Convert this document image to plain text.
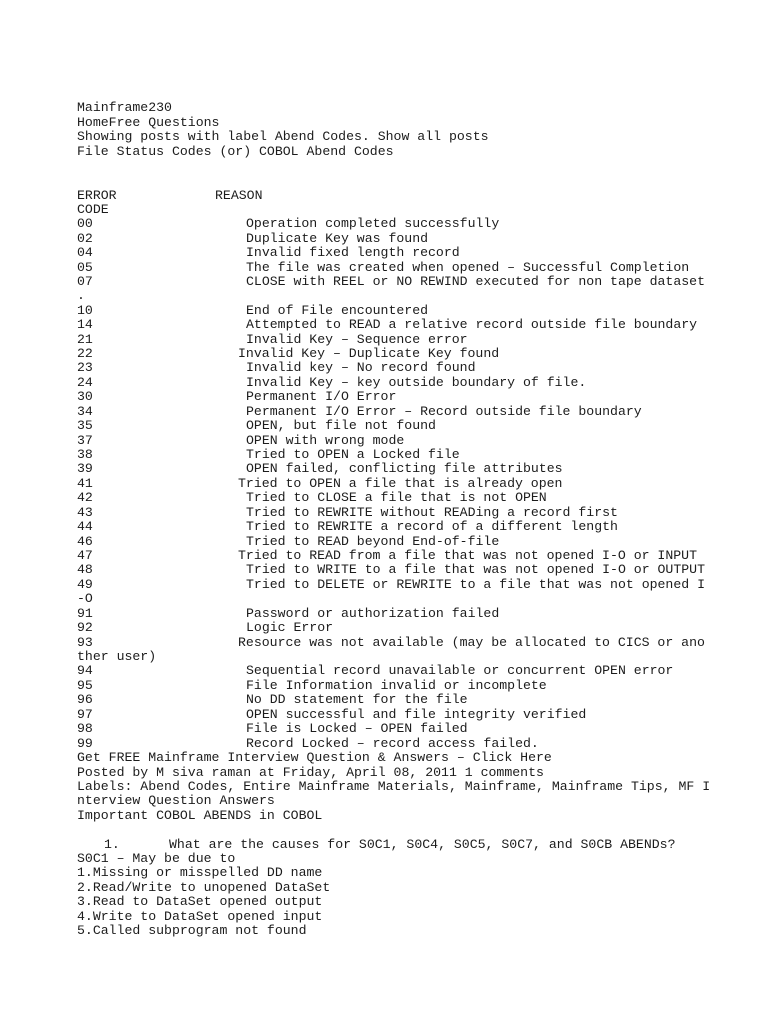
Mainframe230
HomeFree Questions
Showing posts with label Abend Codes. Show all posts
File Status Codes (or) COBOL Abend Codes
ERROR	REASON
CODE
00	Operation completed successfully
02	Duplicate Key was found
04	Invalid fixed length record
05	The file was created when opened – Successful Completion
07	CLOSE with REEL or NO REWIND executed for non tape dataset
.
10	End of File encountered
14	Attempted to READ a relative record outside file boundary
21	Invalid Key – Sequence error
22	Invalid Key – Duplicate Key found
23	Invalid key – No record found
24	Invalid Key – key outside boundary of file.
30	Permanent I/O Error
34	Permanent I/O Error – Record outside file boundary
35	OPEN, but file not found
37	OPEN with wrong mode
38	Tried to OPEN a Locked file
39	OPEN failed, conflicting file attributes
41	Tried to OPEN a file that is already open
42	Tried to CLOSE a file that is not OPEN
43	Tried to REWRITE without READing a record first
44	Tried to REWRITE a record of a different length
46	Tried to READ beyond End-of-file
47	Tried to READ from a file that was not opened I-O or INPUT
48	Tried to WRITE to a file that was not opened I-O or OUTPUT
49	Tried to DELETE or REWRITE to a file that was not opened I
-O
91	Password or authorization failed
92	Logic Error
93	Resource was not available (may be allocated to CICS or ano
ther user)
94	Sequential record unavailable or concurrent OPEN error
95	File Information invalid or incomplete
96	No DD statement for the file
97	OPEN successful and file integrity verified
98	File is Locked – OPEN failed
99	Record Locked – record access failed.
Get FREE Mainframe Interview Question & Answers – Click Here
Posted by M siva raman at Friday, April 08, 2011 1 comments
Labels: Abend Codes, Entire Mainframe Materials, Mainframe, Mainframe Tips, MF I
nterview Question Answers
Important COBOL ABENDS in COBOL
1.	What are the causes for S0C1, S0C4, S0C5, S0C7, and S0CB ABENDs?
S0C1 – May be due to
1.Missing or misspelled DD name
2.Read/Write to unopened DataSet
3.Read to DataSet opened output
4.Write to DataSet opened input
5.Called subprogram not found
